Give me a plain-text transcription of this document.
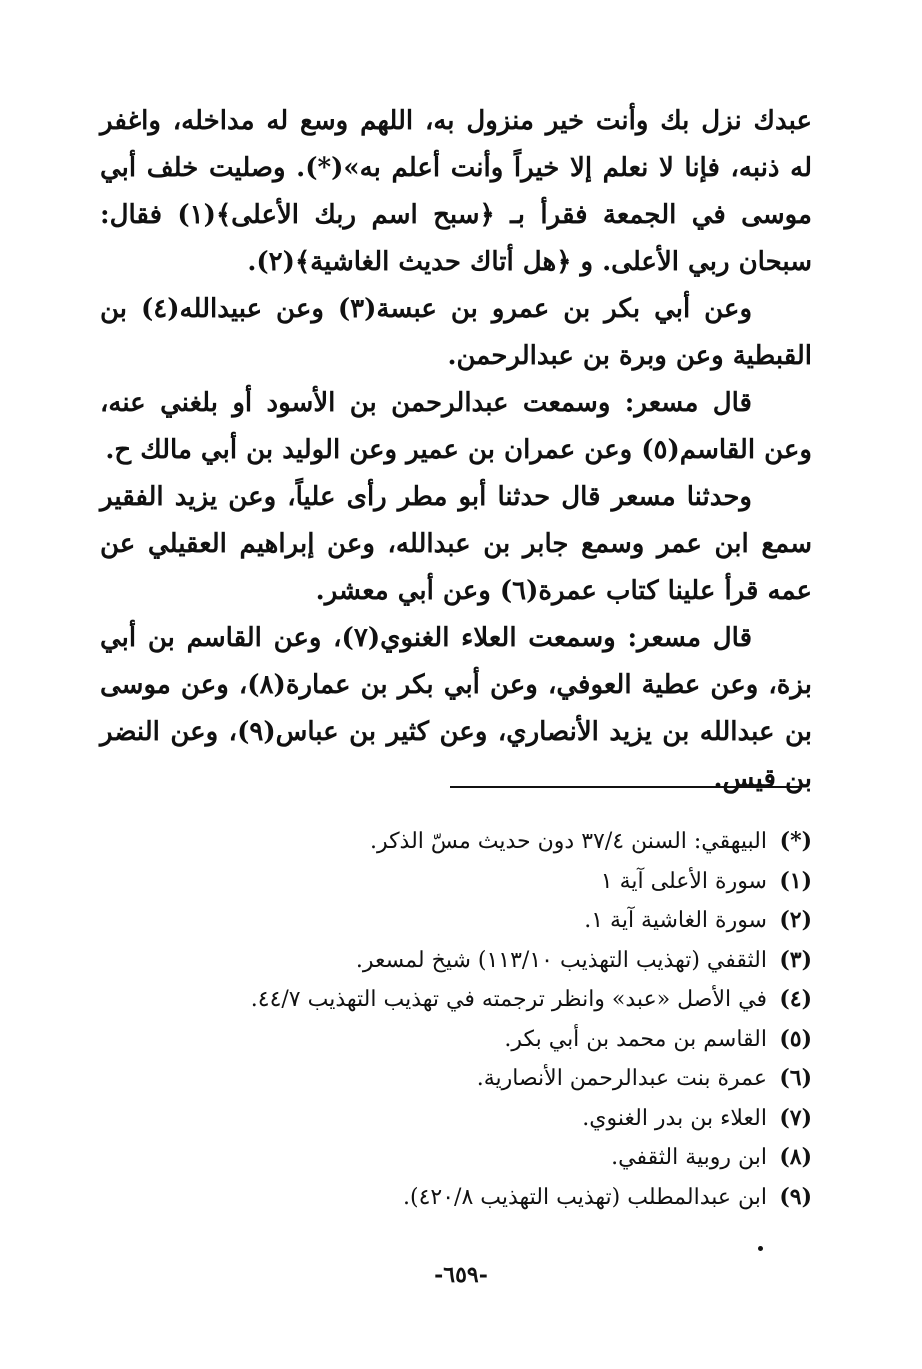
عبدك نزل بك وأنت خير منزول به، اللهم وسع له مداخله، واغفر له ذنبه، فإنا لا نعلم إلا خيراً وأنت أعلم به»(*). وصليت خلف أبي موسى في الجمعة فقرأ بـ ﴿سبح اسم ربك الأعلى﴾(١) فقال: سبحان ربي الأعلى. و ﴿هل أتاك حديث الغاشية﴾(٢).

وعن أبي بكر بن عمرو بن عبسة(٣) وعن عبيدالله(٤) بن القبطية وعن وبرة بن عبدالرحمن.

قال مسعر: وسمعت عبدالرحمن بن الأسود أو بلغني عنه، وعن القاسم(٥) وعن عمران بن عمير وعن الوليد بن أبي مالك ح.

وحدثنا مسعر قال حدثنا أبو مطر رأى علياً، وعن يزيد الفقير سمع ابن عمر وسمع جابر بن عبدالله، وعن إبراهيم العقيلي عن عمه قرأ علينا كتاب عمرة(٦) وعن أبي معشر.

قال مسعر: وسمعت العلاء الغنوي(٧)، وعن القاسم بن أبي بزة، وعن عطية العوفي، وعن أبي بكر بن عمارة(٨)، وعن موسى بن عبدالله بن يزيد الأنصاري، وعن كثير بن عباس(٩)، وعن النضر بن قيس.

(*) البيهقي: السنن ٣٧/٤ دون حديث مسّ الذكر.
(١) سورة الأعلى آية ١
(٢) سورة الغاشية آية ١.
(٣) الثقفي (تهذيب التهذيب ١١٣/١٠) شيخ لمسعر.
(٤) في الأصل «عبد» وانظر ترجمته في تهذيب التهذيب ٤٤/٧.
(٥) القاسم بن محمد بن أبي بكر.
(٦) عمرة بنت عبدالرحمن الأنصارية.
(٧) العلاء بن بدر الغنوي.
(٨) ابن روبية الثقفي.
(٩) ابن عبدالمطلب (تهذيب التهذيب ٤٢٠/٨).
-٦٥٩-
